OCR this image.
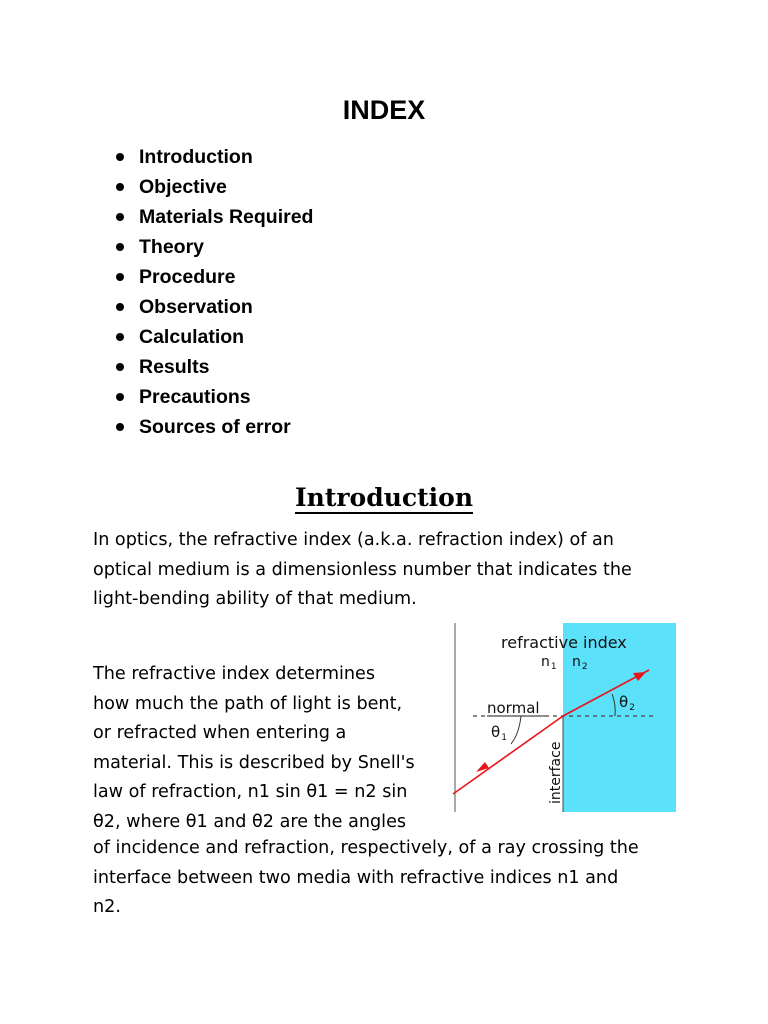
INDEX
Introduction
Objective
Materials Required
Theory
Procedure
Observation
Calculation
Results
Precautions
Sources of error
Introduction
In optics, the refractive index (a.k.a. refraction index) of an
optical medium is a dimensionless number that indicates the
light-bending ability of that medium.
The refractive index determines
how much the path of light is bent,
or refracted when entering a
material. This is described by Snell's
law of refraction, n1 sin θ1 = n2 sin
θ2, where θ1 and θ2 are the angles
of incidence and refraction, respectively, of a ray crossing the
interface between two media with refractive indices n1 and
n2.
refractive index
$n_1$ $n_2$
normal
interface
$\theta_1$
$\theta_2$
